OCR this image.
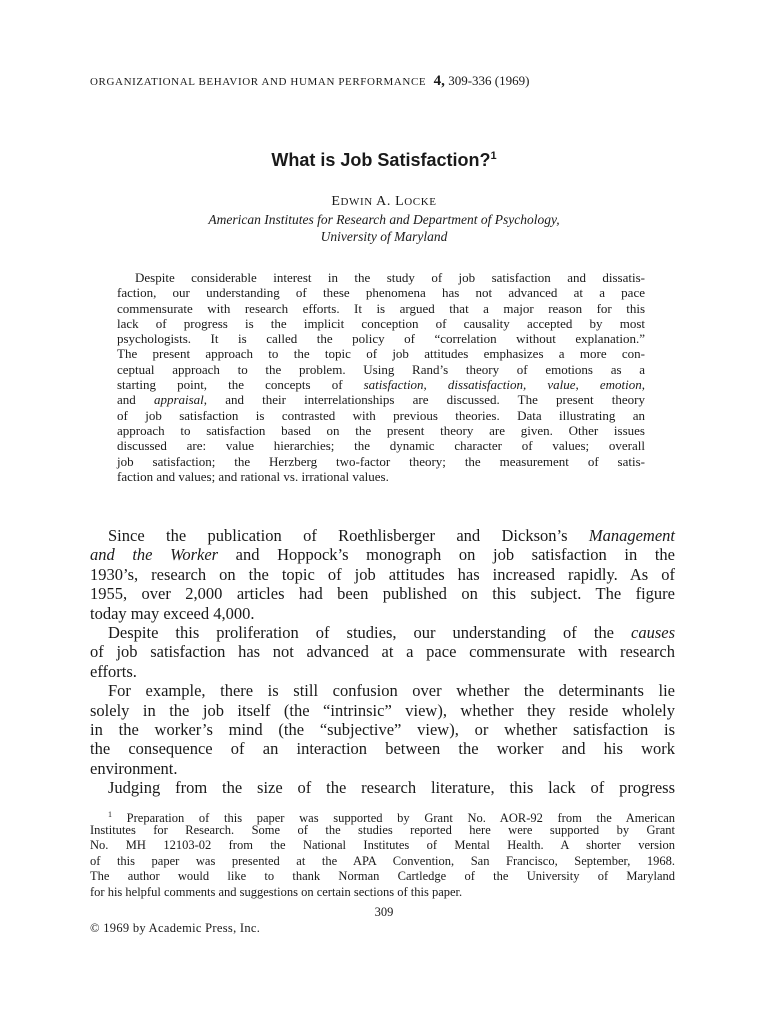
ORGANIZATIONAL BEHAVIOR AND HUMAN PERFORMANCE 4, 309-336 (1969)
What is Job Satisfaction?$^1$
EDWIN A. LOCKE
American Institutes for Research and Department of Psychology,
University of Maryland
Despite considerable interest in the study of job satisfaction and dissatis-
faction, our understanding of these phenomena has not advanced at a pace
commensurate with research efforts. It is argued that a major reason for this
lack of progress is the implicit conception of causality accepted by most
psychologists. It is called the policy of “correlation without explanation.”
The present approach to the topic of job attitudes emphasizes a more con-
ceptual approach to the problem. Using Rand’s theory of emotions as a
starting point, the concepts of satisfaction, dissatisfaction, value, emotion,
and appraisal, and their interrelationships are discussed. The present theory
of job satisfaction is contrasted with previous theories. Data illustrating an
approach to satisfaction based on the present theory are given. Other issues
discussed are: value hierarchies; the dynamic character of values; overall
job satisfaction; the Herzberg two-factor theory; the measurement of satis-
faction and values; and rational vs. irrational values.
Since the publication of Roethlisberger and Dickson’s Management
and the Worker and Hoppock’s monograph on job satisfaction in the
1930’s, research on the topic of job attitudes has increased rapidly. As of
1955, over 2,000 articles had been published on this subject. The figure
today may exceed 4,000.
Despite this proliferation of studies, our understanding of the causes
of job satisfaction has not advanced at a pace commensurate with research
efforts.
For example, there is still confusion over whether the determinants lie
solely in the job itself (the “intrinsic” view), whether they reside wholely
in the worker’s mind (the “subjective” view), or whether satisfaction is
the consequence of an interaction between the worker and his work
environment.
Judging from the size of the research literature, this lack of progress
$^1$ Preparation of this paper was supported by Grant No. AOR-92 from the American
Institutes for Research. Some of the studies reported here were supported by Grant
No. MH 12103-02 from the National Institutes of Mental Health. A shorter version
of this paper was presented at the APA Convention, San Francisco, September, 1968.
The author would like to thank Norman Cartledge of the University of Maryland
for his helpful comments and suggestions on certain sections of this paper.
309
© 1969 by Academic Press, Inc.
